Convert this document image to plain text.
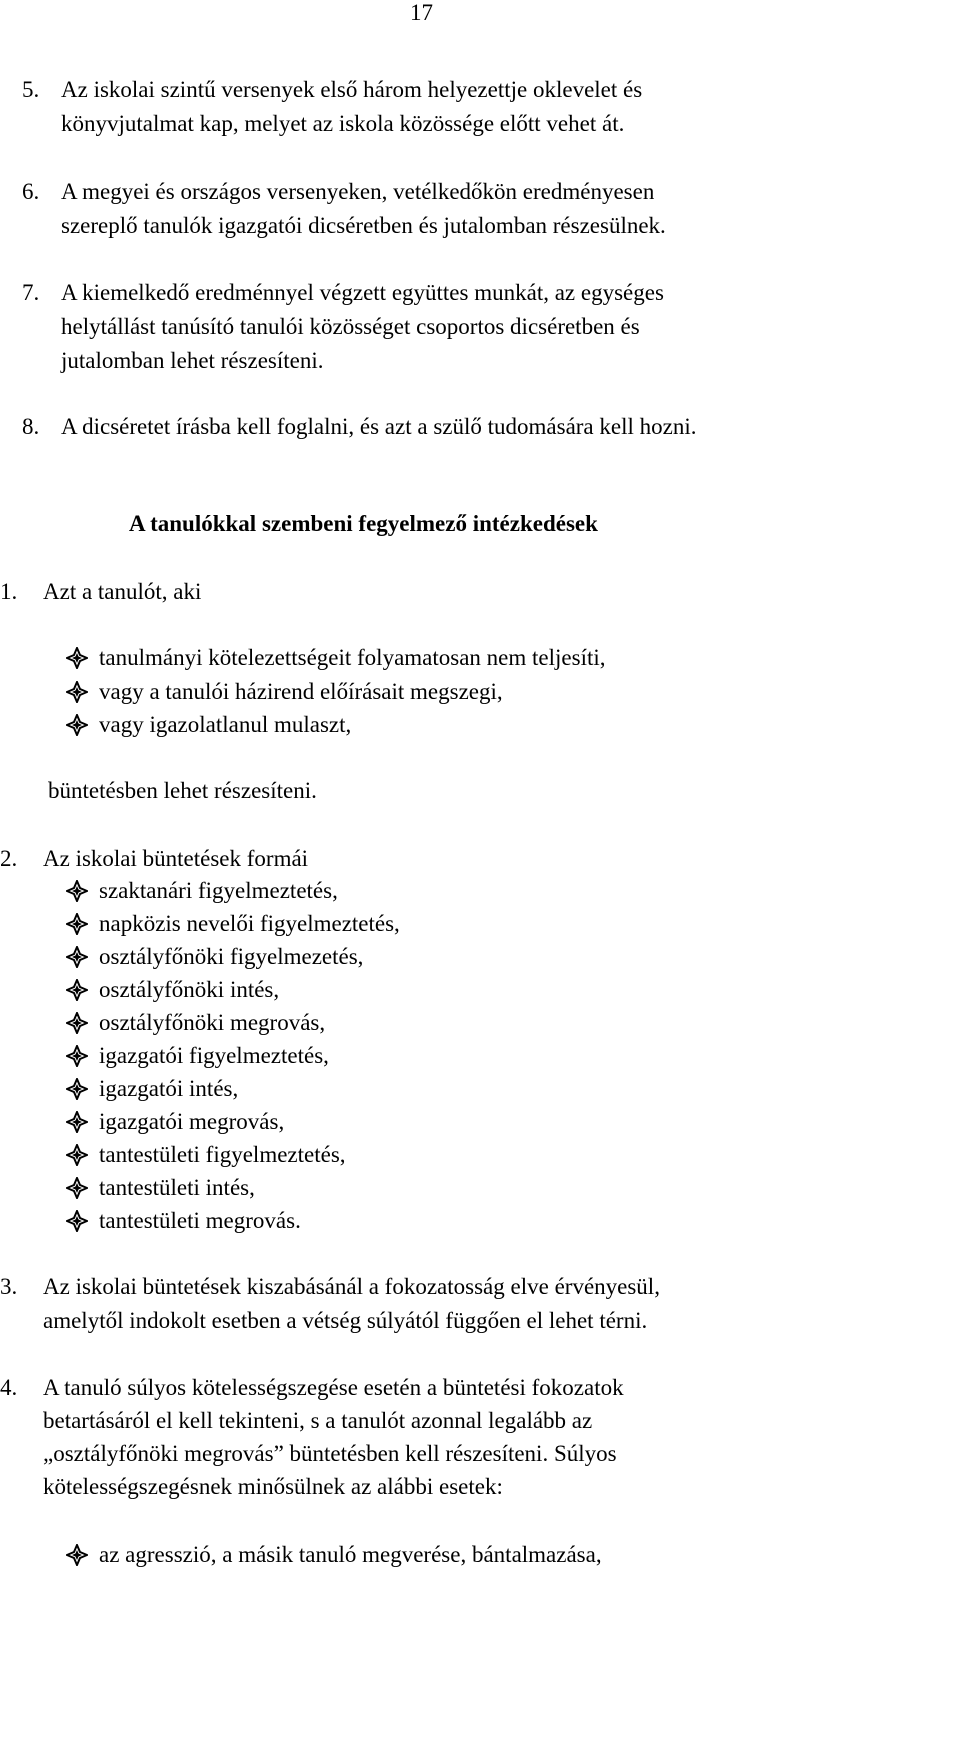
17
5. Az iskolai szintű versenyek első három helyezettje oklevelet és
könyvjutalmat kap, melyet az iskola közössége előtt vehet át.
6. A megyei és országos versenyeken, vetélkedőkön eredményesen
szereplő tanulók igazgatói dicséretben és jutalomban részesülnek.
7. A kiemelkedő eredménnyel végzett együttes munkát, az egységes
helytállást tanúsító tanulói közösséget csoportos dicséretben és
jutalomban lehet részesíteni.
8. A dicséretet írásba kell foglalni, és azt a szülő tudomására kell hozni.
A tanulókkal szembeni fegyelmező intézkedések
1. Azt a tanulót, aki
tanulmányi kötelezettségeit folyamatosan nem teljesíti,
vagy a tanulói házirend előírásait megszegi,
vagy igazolatlanul mulaszt,
büntetésben lehet részesíteni.
2. Az iskolai büntetések formái
szaktanári figyelmeztetés,
napközis nevelői figyelmeztetés,
osztályfőnöki figyelmezetés,
osztályfőnöki intés,
osztályfőnöki megrovás,
igazgatói figyelmeztetés,
igazgatói intés,
igazgatói megrovás,
tantestületi figyelmeztetés,
tantestületi intés,
tantestületi megrovás.
3. Az iskolai büntetések kiszabásánál a fokozatosság elve érvényesül,
amelytől indokolt esetben a vétség súlyától függően el lehet térni.
4. A tanuló súlyos kötelességszegése esetén a büntetési fokozatok
betartásáról el kell tekinteni, s a tanulót azonnal legalább az
„osztályfőnöki megrovás” büntetésben kell részesíteni. Súlyos
kötelességszegésnek minősülnek az alábbi esetek:
az agresszió, a másik tanuló megverése, bántalmazása,
